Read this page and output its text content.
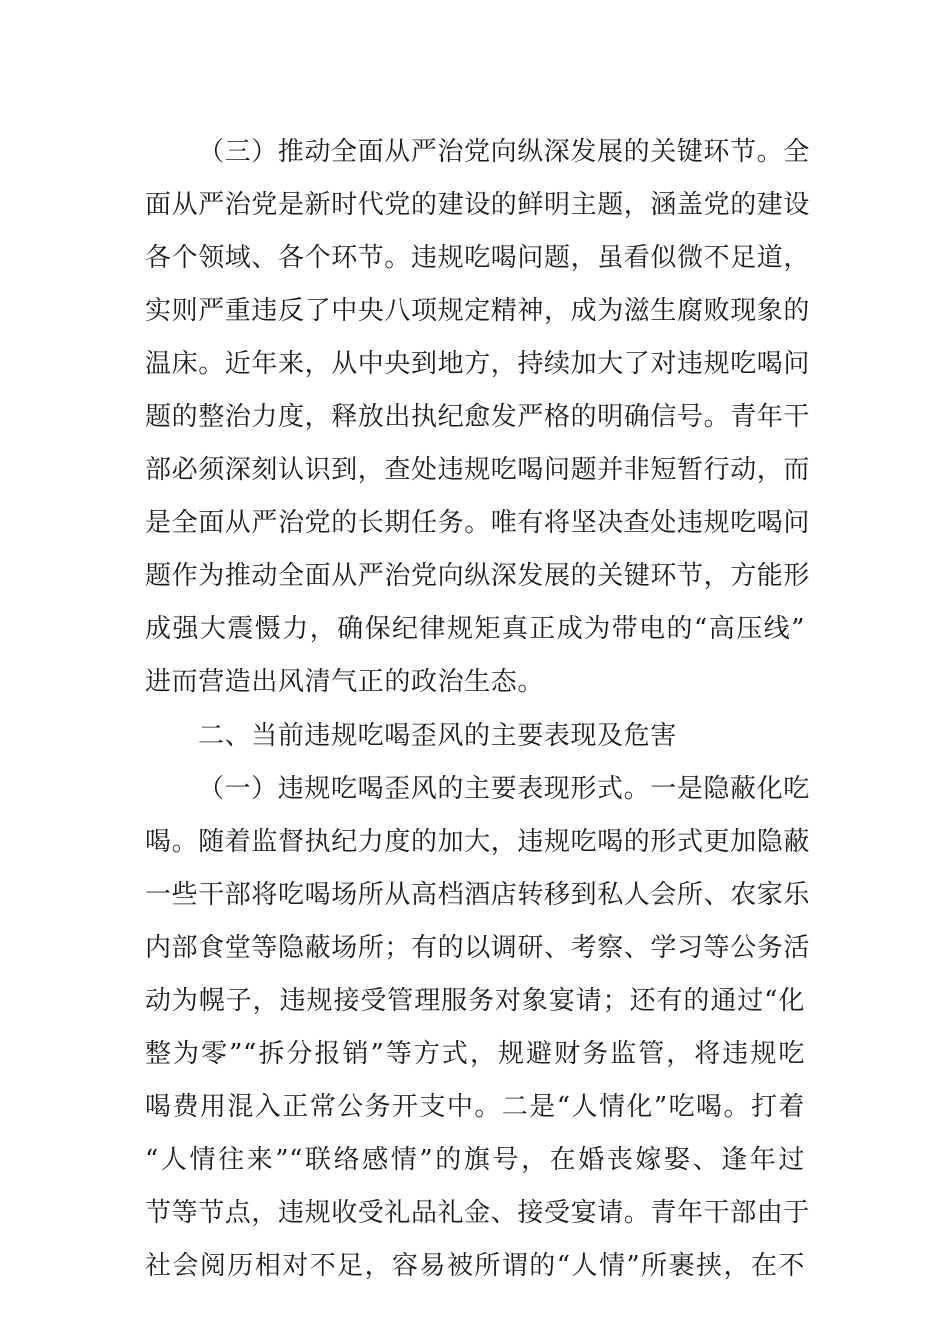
（三）推动全面从严治党向纵深发展的关键环节。全
面从严治党是新时代党的建设的鲜明主题，涵盖党的建设
各个领域、各个环节。违规吃喝问题，虽看似微不足道，
实则严重违反了中央八项规定精神，成为滋生腐败现象的
温床。近年来，从中央到地方，持续加大了对违规吃喝问
题的整治力度，释放出执纪愈发严格的明确信号。青年干
部必须深刻认识到，查处违规吃喝问题并非短暂行动，而
是全面从严治党的长期任务。唯有将坚决查处违规吃喝问
题作为推动全面从严治党向纵深发展的关键环节，方能形
成强大震慑力，确保纪律规矩真正成为带电的“高压线”
进而营造出风清气正的政治生态。
二、当前违规吃喝歪风的主要表现及危害
（一）违规吃喝歪风的主要表现形式。一是隐蔽化吃
喝。随着监督执纪力度的加大，违规吃喝的形式更加隐蔽
一些干部将吃喝场所从高档酒店转移到私人会所、农家乐
内部食堂等隐蔽场所；有的以调研、考察、学习等公务活
动为幌子，违规接受管理服务对象宴请；还有的通过“化
整为零”“拆分报销”等方式，规避财务监管，将违规吃
喝费用混入正常公务开支中。二是“人情化”吃喝。打着
“人情往来”“联络感情”的旗号，在婚丧嫁娶、逢年过
节等节点，违规收受礼品礼金、接受宴请。青年干部由于
社会阅历相对不足，容易被所谓的“人情”所裹挟，在不
